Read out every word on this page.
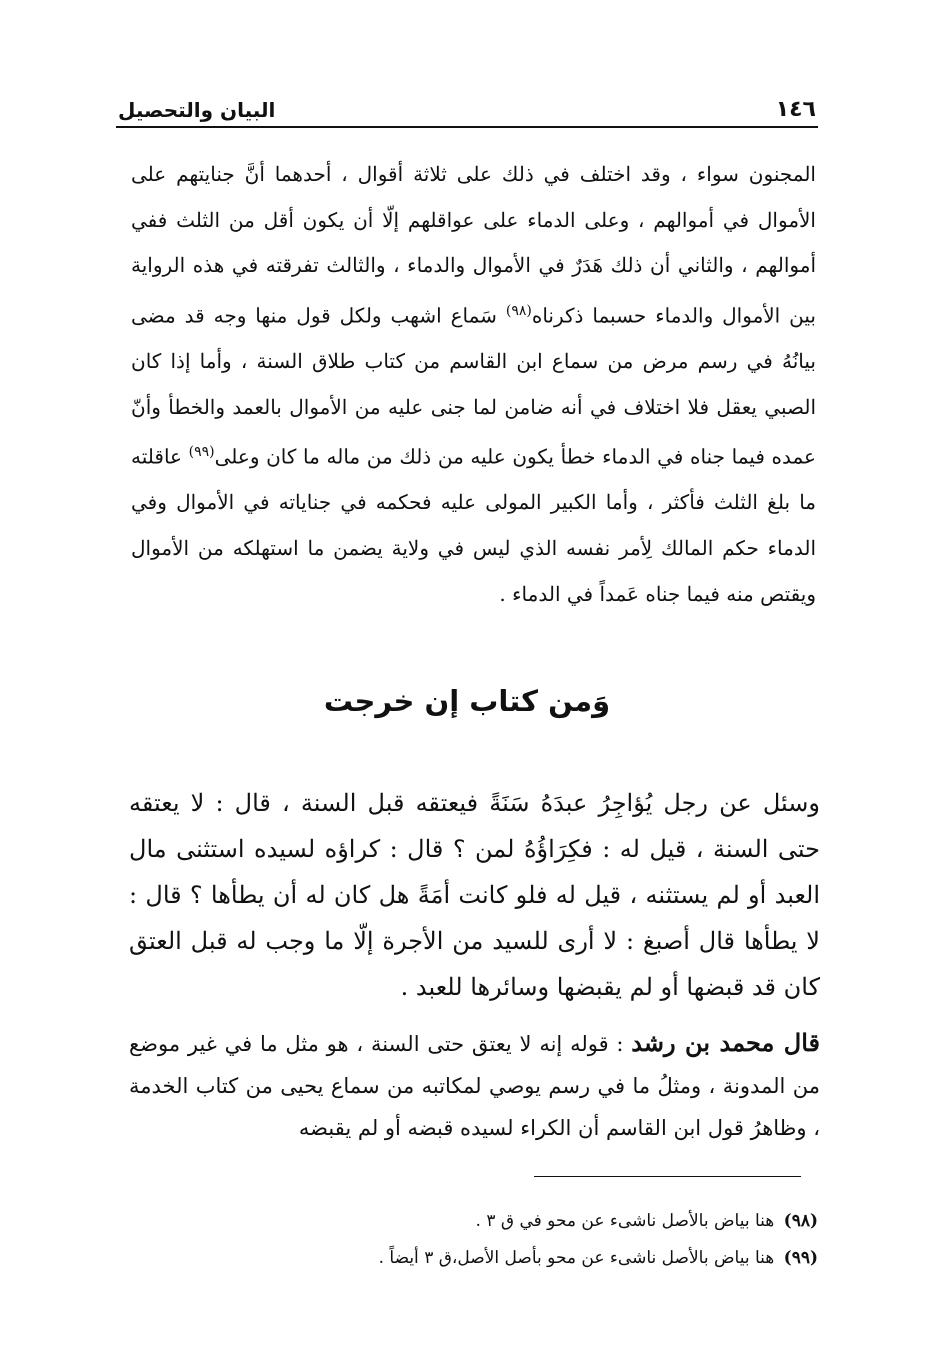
١٤٦
البيان والتحصيل

المجنون سواء ، وقد اختلف في ذلك على ثلاثة أقوال ، أحدهما أنَّ جنايتهم على الأموال في أموالهم ، وعلى الدماء على عواقلهم إلّا أن يكون أقل من الثلث ففي أموالهم ، والثاني أن ذلك هَدَرٌ في الأموال والدماء ، والثالث تفرقته في هذه الرواية بين الأموال والدماء حسبما ذكرناه$^{(٩٨)}$ سَماع اشهب ولكل قول منها وجه قد مضى بيانُهُ في رسم مرض من سماع ابن القاسم من كتاب طلاق السنة ، وأما إذا كان الصبي يعقل فلا اختلاف في أنه ضامن لما جنى عليه من الأموال بالعمد والخطأ وأنّ عمده فيما جناه في الدماء خطأ يكون عليه من ذلك من ماله ما كان وعلى$^{(٩٩)}$ عاقلته ما بلغ الثلث فأكثر ، وأما الكبير المولى عليه فحكمه في جناياته في الأموال وفي الدماء حكم المالك لِأمر نفسه الذي ليس في ولاية يضمن ما استهلكه من الأموال ويقتص منه فيما جناه عَمداً في الدماء .

وَمن كتاب إن خرجت

وسئل عن رجل يُؤاجِرُ عبدَهُ سَنَةً فيعتقه قبل السنة ، قال : لا يعتقه حتى السنة ، قيل له : فكِرَاؤُهُ لمن ؟ قال : كراؤه لسيده استثنى مال العبد أو لم يستثنه ، قيل له فلو كانت أمَةً هل كان له أن يطأها ؟ قال : لا يطأها قال أصبغ : لا أرى للسيد من الأجرة إلّا ما وجب له قبل العتق كان قد قبضها أو لم يقبضها وسائرها للعبد .

قال محمد بن رشد : قوله إنه لا يعتق حتى السنة ، هو مثل ما في غير موضع من المدونة ، ومثلُ ما في رسم يوصي لمكاتبه من سماع يحيى من كتاب الخدمة ، وظاهرُ قول ابن القاسم أن الكراء لسيده قبضه أو لم يقبضه

(٩٨) هنا بياض بالأصل ناشىء عن محو في ق ٣ .
(٩٩) هنا بياض بالأصل ناشىء عن محو بأصل الأصل،ق ٣ أيضاً .
